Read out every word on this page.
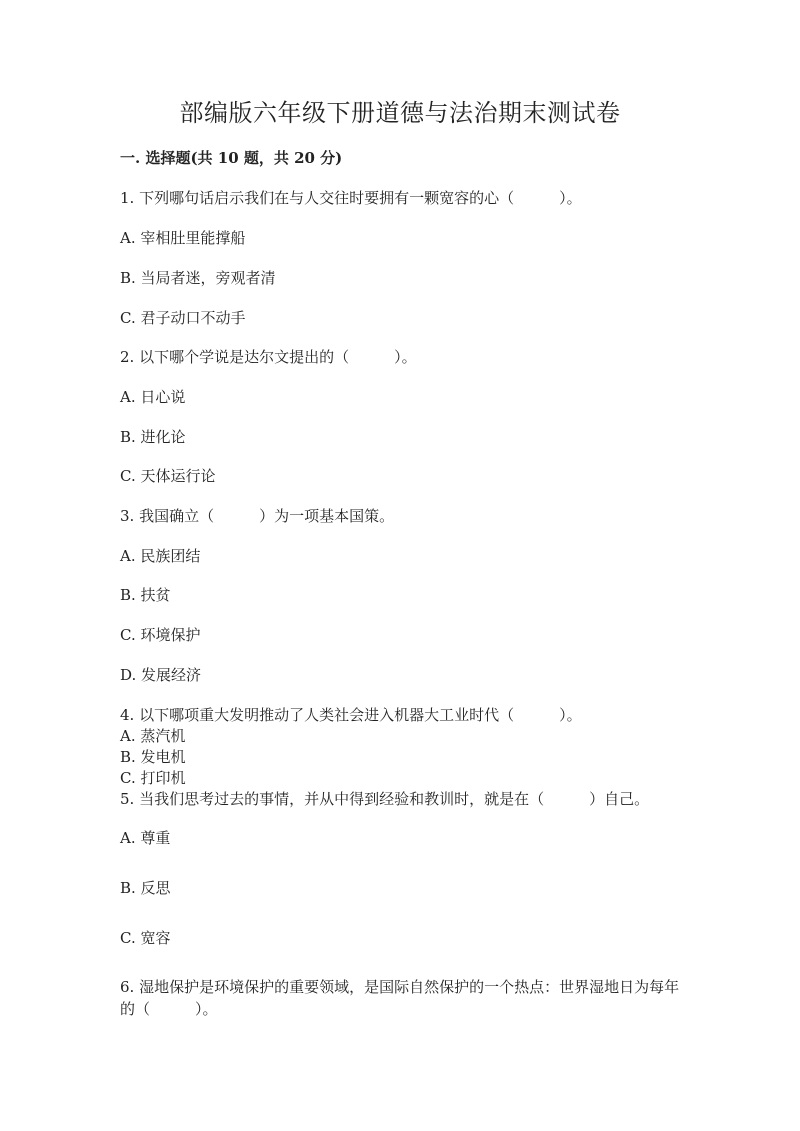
部编版六年级下册道德与法治期末测试卷
一. 选择题(共 10 题，共 20 分)
1. 下列哪句话启示我们在与人交往时要拥有一颗宽容的心（　　　）。
A. 宰相肚里能撑船
B. 当局者迷，旁观者清
C. 君子动口不动手
2. 以下哪个学说是达尔文提出的（　　　）。
A. 日心说
B. 进化论
C. 天体运行论
3. 我国确立（　　　）为一项基本国策。
A. 民族团结
B. 扶贫
C. 环境保护
D. 发展经济
4. 以下哪项重大发明推动了人类社会进入机器大工业时代（　　　）。
A. 蒸汽机
B. 发电机
C. 打印机
5. 当我们思考过去的事情，并从中得到经验和教训时，就是在（　　　）自己。
A. 尊重
B. 反思
C. 宽容
6. 湿地保护是环境保护的重要领域，是国际自然保护的一个热点：世界湿地日为每年的（　　　）。
